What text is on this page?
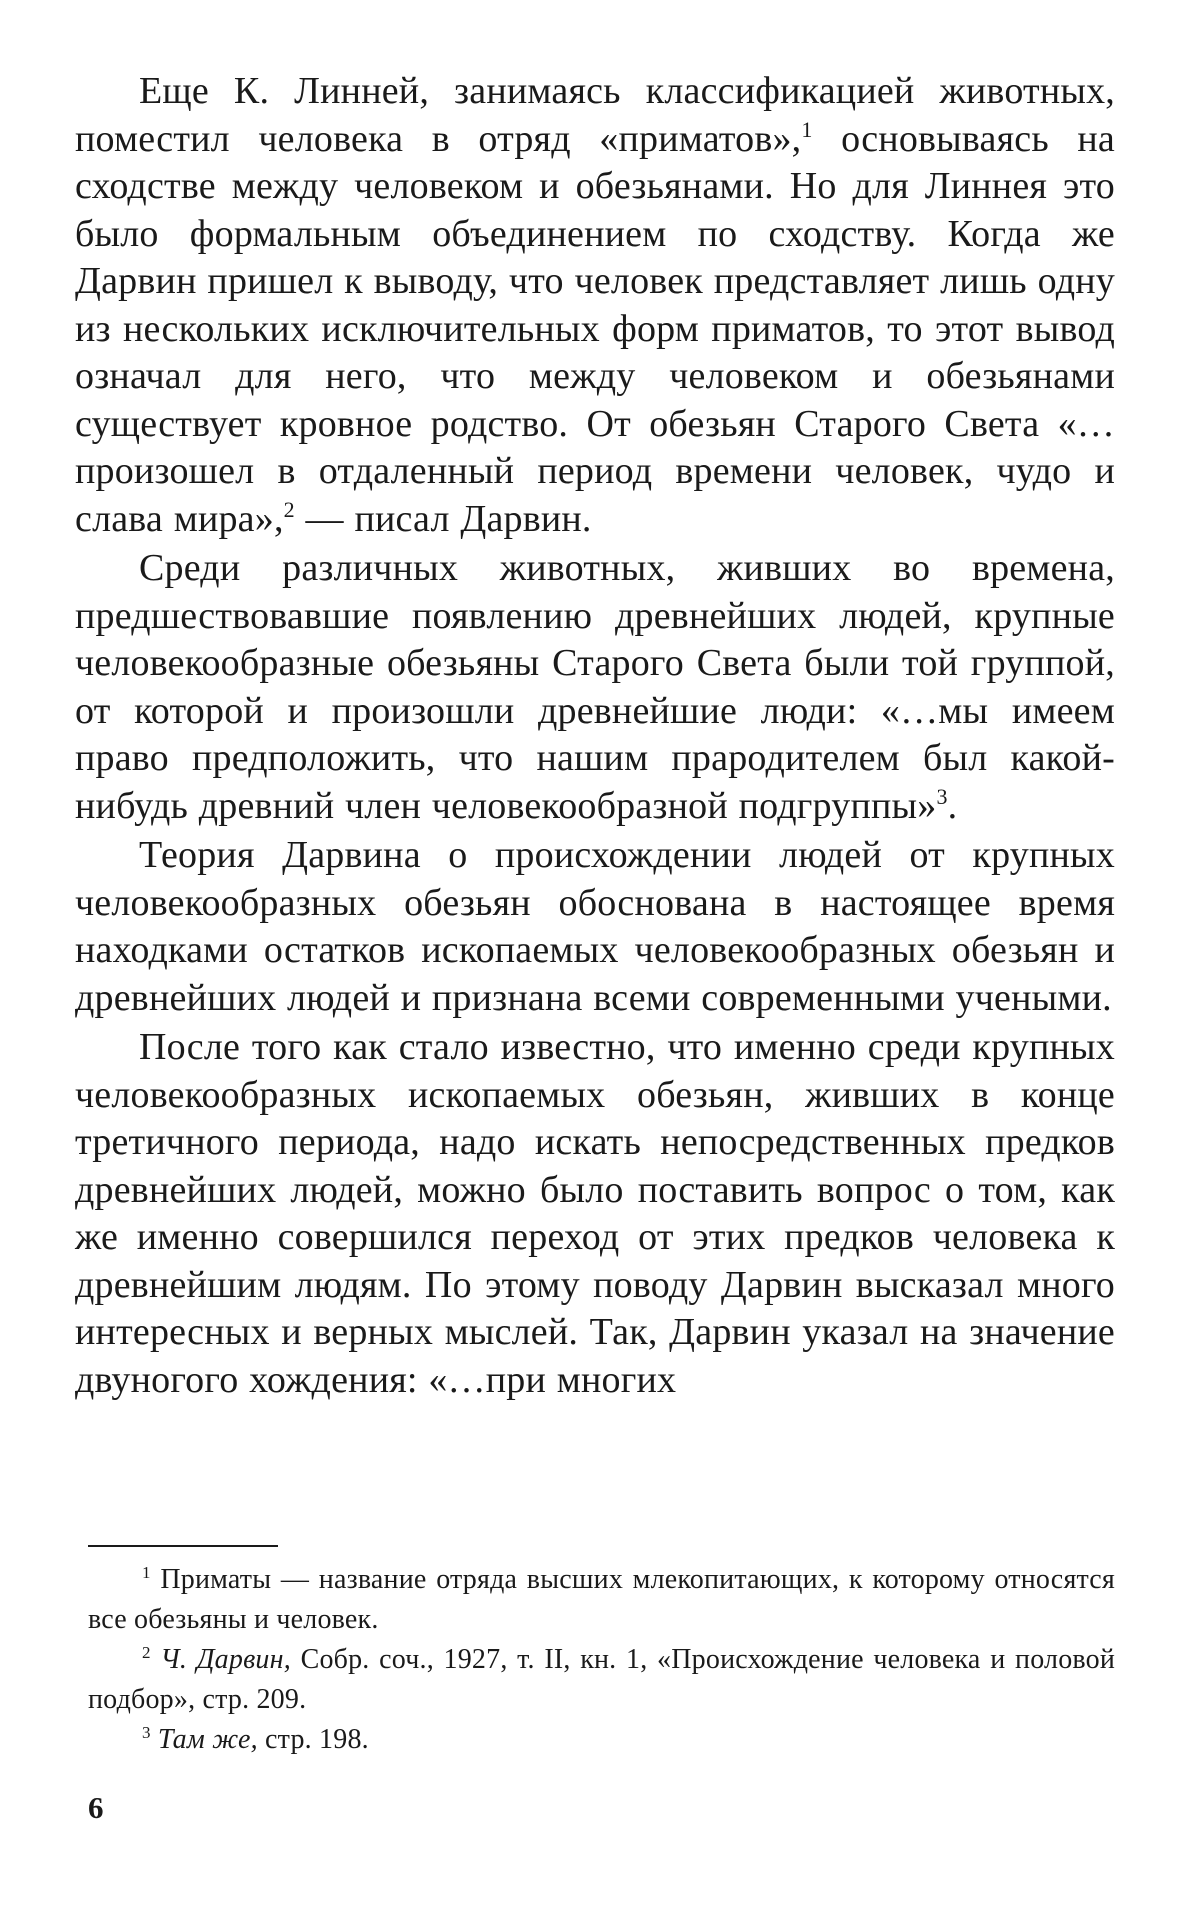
Еще К. Линней, занимаясь классификацией животных, поместил человека в отряд «приматов»,$^1$ основываясь на сходстве между человеком и обезьянами. Но для Линнея это было формальным объединением по сходству. Когда же Дарвин пришел к выводу, что человек представляет лишь одну из нескольких исключительных форм приматов, то этот вывод означал для него, что между человеком и обезьянами существует кровное родство. От обезьян Старого Света «…произошел в отдаленный период времени человек, чудо и слава мира»,$^2$ — писал Дарвин.

Среди различных животных, живших во времена, предшествовавшие появлению древнейших людей, крупные человекообразные обезьяны Старого Света были той группой, от которой и произошли древнейшие люди: «…мы имеем право предположить, что нашим прародителем был какой-нибудь древний член человекообразной подгруппы»$^3$.

Теория Дарвина о происхождении людей от крупных человекообразных обезьян обоснована в настоящее время находками остатков ископаемых человекообразных обезьян и древнейших людей и признана всеми современными учеными.

После того как стало известно, что именно среди крупных человекообразных ископаемых обезьян, живших в конце третичного периода, надо искать непосредственных предков древнейших людей, можно было поставить вопрос о том, как же именно совершился переход от этих предков человека к древнейшим людям. По этому поводу Дарвин высказал много интересных и верных мыслей. Так, Дарвин указал на значение двуногого хождения: «…при многих

$^1$ Приматы — название отряда высших млекопитающих, к которому относятся все обезьяны и человек.

$^2$ Ч. Дарвин, Собр. соч., 1927, т. II, кн. 1, «Происхождение человека и половой подбор», стр. 209.

$^3$ Там же, стр. 198.

6
